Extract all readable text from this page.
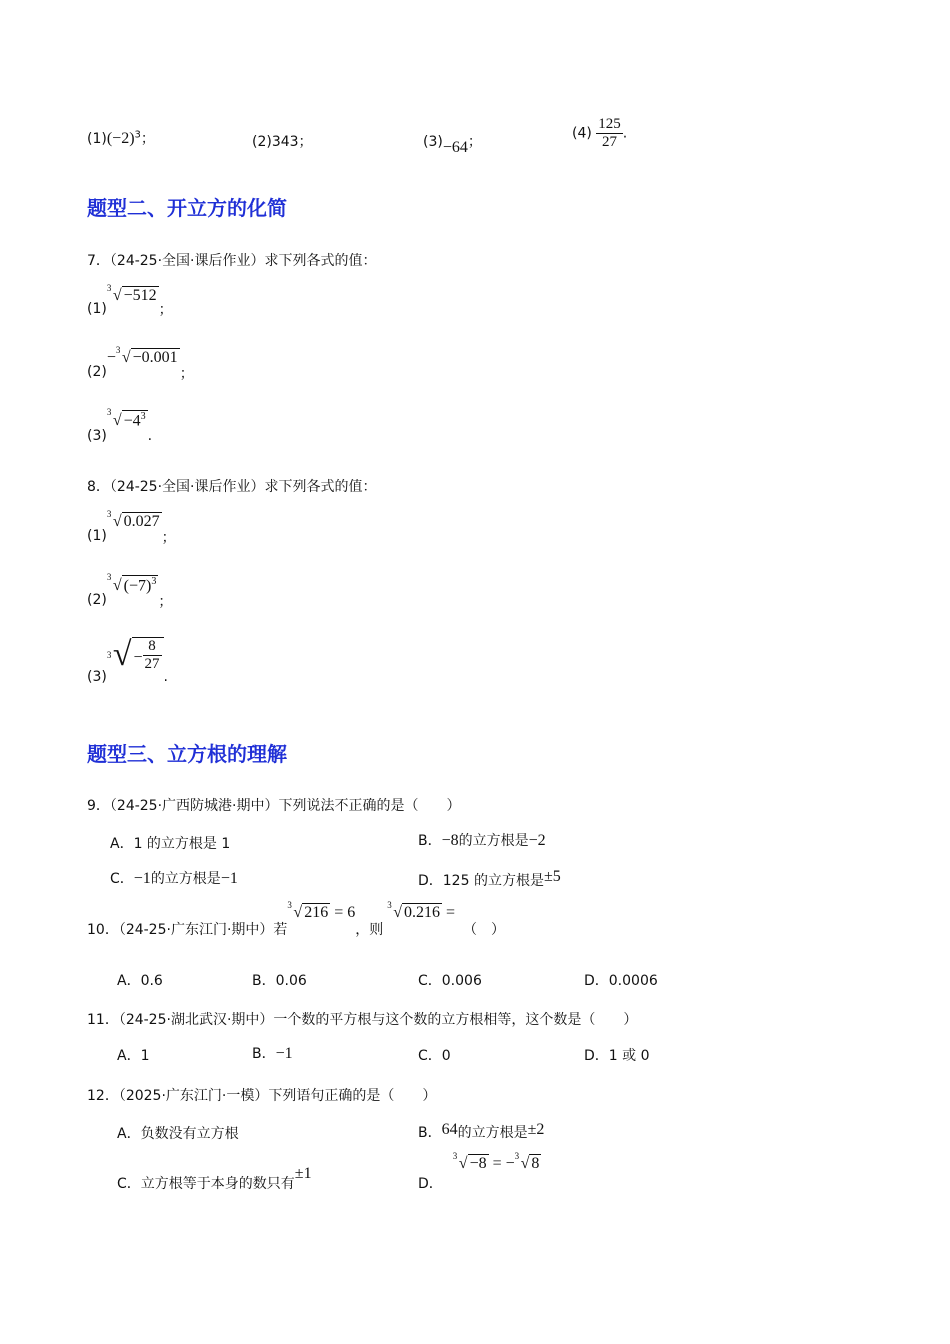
$(1)(-2)^3$；	(2)343；	(3)−64；
$(4) \frac{125}{27}$ .
题型二、开立方的化简
7．（24-25·全国·课后作业）求下列各式的值：
(1)
3 √ −512；
(2)− 3 √ −0.001；
(3)
3
√ $-4^3$.
8．（24-25·全国·课后作业）求下列各式的值：
(1)
3 √ 0.027；
(2)
3
√ $(-7)^3$；
(3)
3 √ − $\frac{8}{27}$
.
题型三、立方根的理解
9．（24-25·广西防城港·期中）下列说法不正确的是（　　）
A．1 的立方根是 1	B．−8的立方根是−2
C．−1的立方根是−1	D．125 的立方根是±5
10．（24-25·广东江门·期中）若
3 √ 216 = 6，则
3 √ 0.216 =（　）
A．0.6	B．0.06	C．0.006	D．0.0006
11．（24-25·湖北武汉·期中）一个数的平方根与这个数的立方根相等，这个数是（　　）
A．1	B．−1	C．0	D．1 或 0
12．（2025·广东江门·一模）下列语句正确的是（　　）
A．负数没有立方根	B．64的立方根是±2
C．立方根等于本身的数只有±1
D．
3 √ −8 = − 3 √ 8
